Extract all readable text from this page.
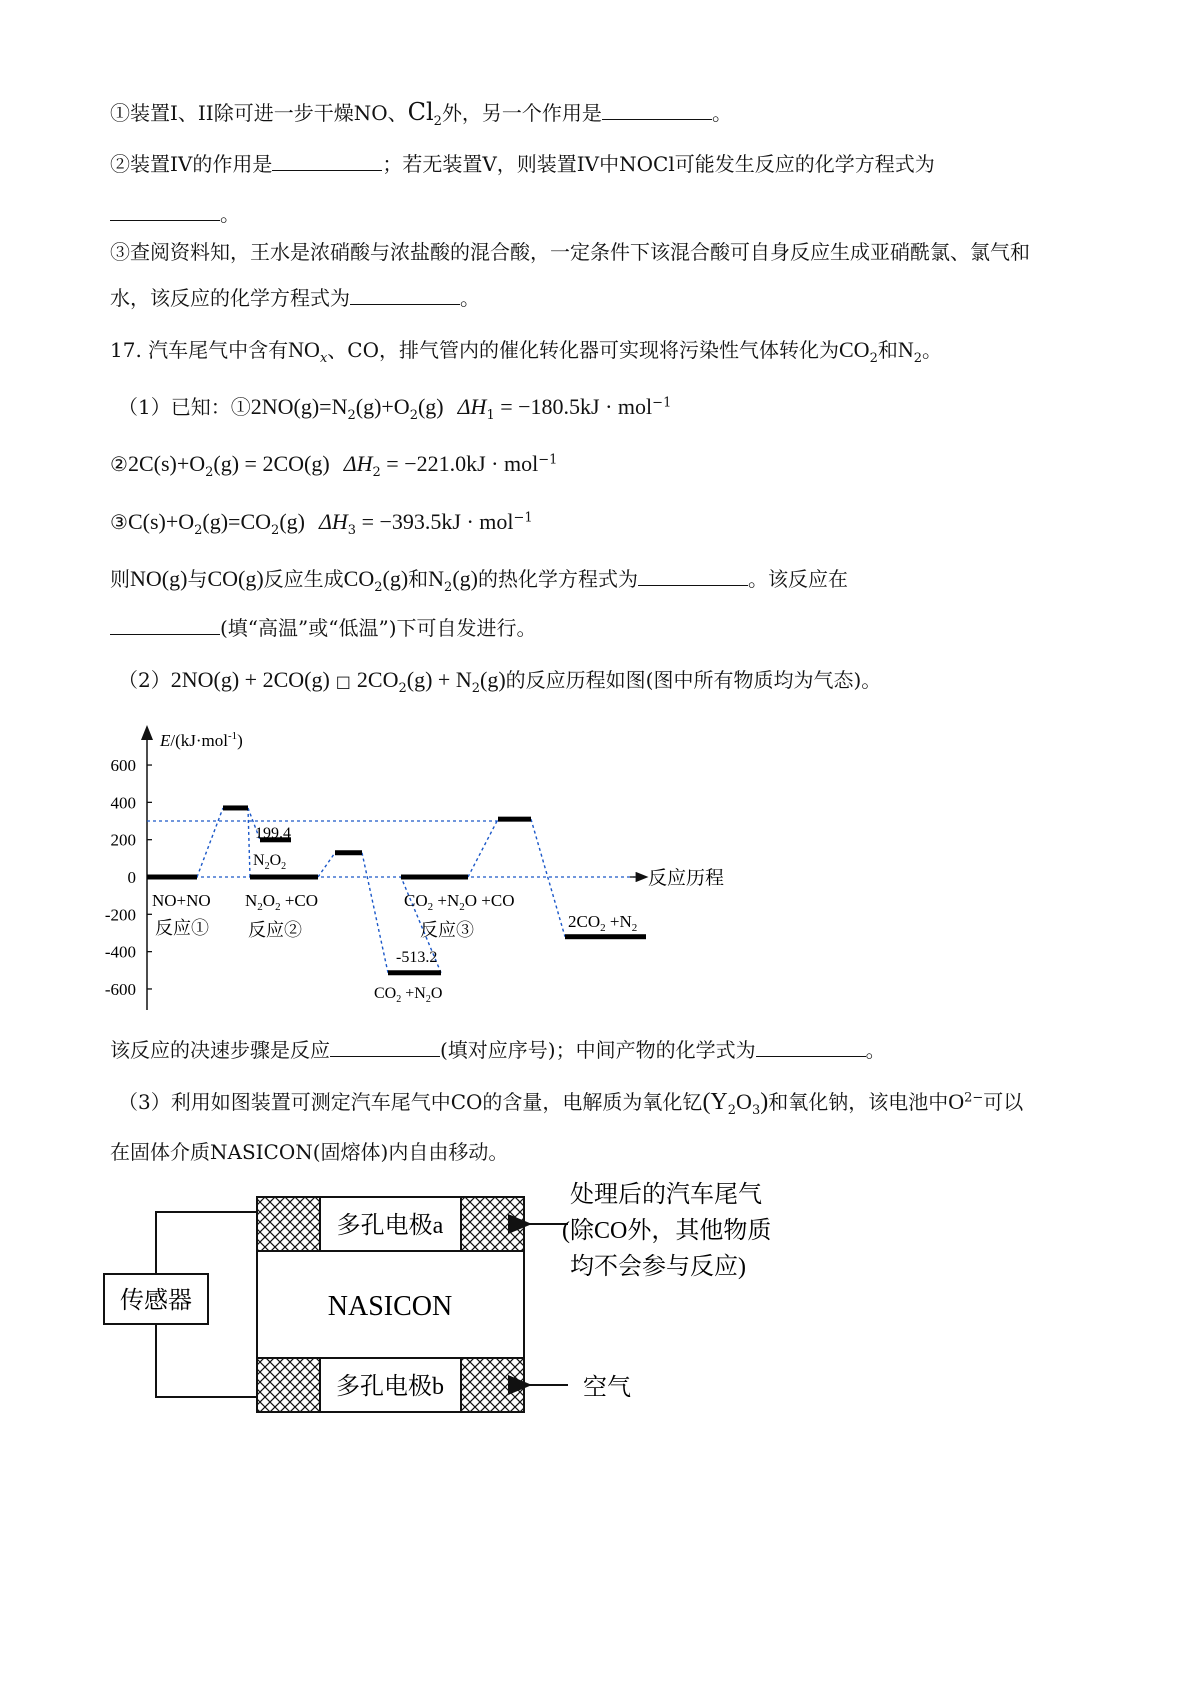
①装置I、II除可进一步干燥NO、$Cl_2$外，另一个作用是	。
②装置IV的作用是	；若无装置V，则装置IV中NOCl可能发生反应的化学方程式为
。
③查阅资料知，王水是浓硝酸与浓盐酸的混合酸，一定条件下该混合酸可自身反应生成亚硝酰氯、氯气和
水，该反应的化学方程式为	。
17. 汽车尾气中含有$NO_x$、CO，排气管内的催化转化器可实现将污染性气体转化为$CO_2$和$N_2$。
（1）已知：$①2NO(g)=N_2(g)+O_2(g) \Delta H_1 = -180.5kJ \cdot mol^{-1}$
$②2C(s)+O_2(g) = 2CO(g) \Delta H_2 = -221.0kJ \cdot mol^{-1}$
$③C(s)+O_2(g)=CO_2(g) \Delta H_3 = -393.5kJ \cdot mol^{-1}$
则NO(g)与CO(g)反应生成$CO_2(g)$和$N_2(g)$的热化学方程式为	。该反应在
(填“高温”或“低温”)下可自发进行。
（2）2NO(g) + 2CO(g) □ $2CO_2(g) + N_2(g)$的反应历程如图(图中所有物质均为气态)。
E/(kJ·mol$^{-1}$)
600
400
200
0
-200
-400
-600
反应历程
NO+NO
反应①
199.4
$N_2O_2$
$N_2O_2 +CO$
反应②
$CO_2 +N_2O +CO$
反应③
-513.2
$CO_2 +N_2O$
$2CO_2 +N_2$
该反应的决速步骤是反应	(填对应序号)；中间产物的化学式为	。
（3）利用如图装置可测定汽车尾气中CO的含量，电解质为氧化钇$(Y_2O_3)$和氧化钠，该电池中$O^{2-}$可以
在固体介质NASICON(固熔体)内自由移动。
多孔电极a
多孔电极b
NASICON
传感器
处理后的汽车尾气
(除CO外，其他物质
均不会参与反应)
空气
